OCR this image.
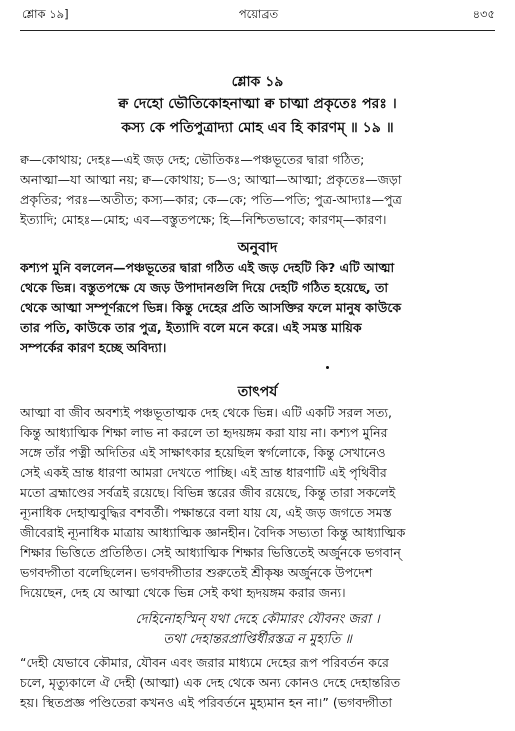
শ্লোক ১৯]	পয়োব্রত	৪৩৫
শ্লোক ১৯
ক্ব দেহো ভৌতিকোহনাত্মা ক্ব চাত্মা প্রকৃতেঃ পরঃ ।
কস্য কে পতিপুত্রাদ্যা মোহ এব হি কারণম্ ॥ ১৯ ॥
ক্ব—কোথায়; দেহঃ—এই জড় দেহ; ভৌতিকঃ—পঞ্চভূতের দ্বারা গঠিত;
অনাত্মা—যা আত্মা নয়; ক্ব—কোথায়; চ—ও; আত্মা—আত্মা; প্রকৃতেঃ—জড়া
প্রকৃতির; পরঃ—অতীত; কস্য—কার; কে—কে; পতি—পতি; পুত্র-আদ্যাঃ—পুত্র
ইত্যাদি; মোহঃ—মোহ; এব—বস্তুতপক্ষে; হি—নিশ্চিতভাবে; কারণম্—কারণ।
অনুবাদ
কশ্যপ মুনি বললেন—পঞ্চভূতের দ্বারা গঠিত এই জড় দেহটি কি? এটি আত্মা
থেকে ভিন্ন। বস্তুতপক্ষে যে জড় উপাদানগুলি দিয়ে দেহটি গঠিত হয়েছে, তা
থেকে আত্মা সম্পূর্ণরূপে ভিন্ন। কিন্তু দেহের প্রতি আসক্তির ফলে মানুষ কাউকে
তার পতি, কাউকে তার পুত্র, ইত্যাদি বলে মনে করে। এই সমস্ত মায়িক
সম্পর্কের কারণ হচ্ছে অবিদ্যা।
তাৎপর্য
আত্মা বা জীব অবশ্যই পঞ্চভূতাত্মক দেহ থেকে ভিন্ন। এটি একটি সরল সত্য,
কিন্তু আধ্যাত্মিক শিক্ষা লাভ না করলে তা হৃদয়ঙ্গম করা যায় না। কশ্যপ মুনির
সঙ্গে তাঁর পত্নী অদিতির এই সাক্ষাৎকার হয়েছিল স্বর্গলোকে, কিন্তু সেখানেও
সেই একই ভ্রান্ত ধারণা আমরা দেখতে পাচ্ছি। এই ভ্রান্ত ধারণাটি এই পৃথিবীর
মতো ব্রহ্মাণ্ডের সর্বত্রই রয়েছে। বিভিন্ন স্তরের জীব রয়েছে, কিন্তু তারা সকলেই
ন্যূনাধিক দেহাত্মবুদ্ধির বশবর্তী। পক্ষান্তরে বলা যায় যে, এই জড় জগতে সমস্ত
জীবেরাই ন্যূনাধিক মাত্রায় আধ্যাত্মিক জ্ঞানহীন। বৈদিক সভ্যতা কিন্তু আধ্যাত্মিক
শিক্ষার ভিত্তিতে প্রতিষ্ঠিত। সেই আধ্যাত্মিক শিক্ষার ভিত্তিতেই অর্জুনকে ভগবান্
ভগবদ্গীতা বলেছিলেন। ভগবদ্গীতার শুরুতেই শ্রীকৃষ্ণ অর্জুনকে উপদেশ
দিয়েছেন, দেহ যে আত্মা থেকে ভিন্ন সেই কথা হৃদয়ঙ্গম করার জন্য।
দেহিনোহস্মিন্ যথা দেহে কৌমারং যৌবনং জরা ।
তথা দেহান্তরপ্রাপ্তির্ধীরস্তত্র ন মুহ্যতি ॥
“দেহী যেভাবে কৌমার, যৌবন এবং জরার মাধ্যমে দেহের রূপ পরিবর্তন করে
চলে, মৃত্যুকালে ঐ দেহী (আত্মা) এক দেহ থেকে অন্য কোনও দেহে দেহান্তরিত
হয়। স্থিতপ্রজ্ঞ পণ্ডিতেরা কখনও এই পরিবর্তনে মুহ্যমান হন না।” (ভগবদ্গীতা
